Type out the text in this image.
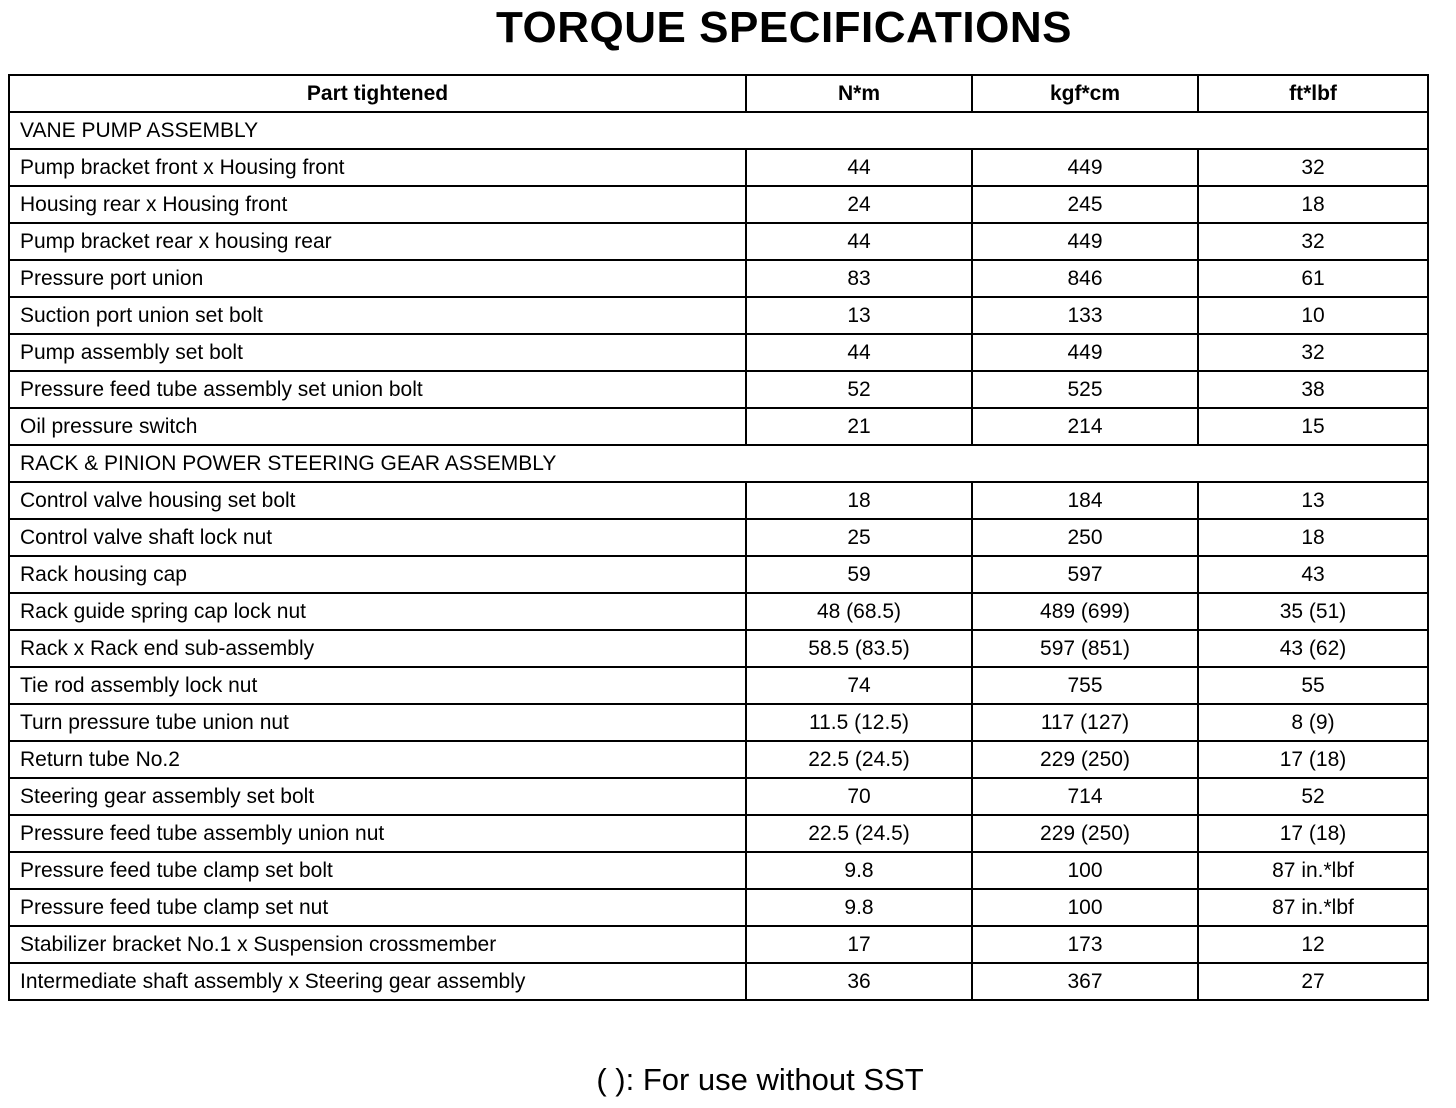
TORQUE SPECIFICATIONS
Part tightened	N*m	kgf*cm	ft*lbf
VANE PUMP ASSEMBLY			
Pump bracket front x Housing front	44	449	32
Housing rear x Housing front	24	245	18
Pump bracket rear x housing rear	44	449	32
Pressure port union	83	846	61
Suction port union set bolt	13	133	10
Pump assembly set bolt	44	449	32
Pressure feed tube assembly set union bolt	52	525	38
Oil pressure switch	21	214	15
RACK & PINION POWER STEERING GEAR ASSEMBLY			
Control valve housing set bolt	18	184	13
Control valve shaft lock nut	25	250	18
Rack housing cap	59	597	43
Rack guide spring cap lock nut	48 (68.5)	489 (699)	35 (51)
Rack x Rack end sub-assembly	58.5 (83.5)	597 (851)	43 (62)
Tie rod assembly lock nut	74	755	55
Turn pressure tube union nut	11.5 (12.5)	117 (127)	8 (9)
Return tube No.2	22.5 (24.5)	229 (250)	17 (18)
Steering gear assembly set bolt	70	714	52
Pressure feed tube assembly union nut	22.5 (24.5)	229 (250)	17 (18)
Pressure feed tube clamp set bolt	9.8	100	87 in.*lbf
Pressure feed tube clamp set nut	9.8	100	87 in.*lbf
Stabilizer bracket No.1 x Suspension crossmember	17	173	12
Intermediate shaft assembly x Steering gear assembly	36	367	27
( ): For use without SST
